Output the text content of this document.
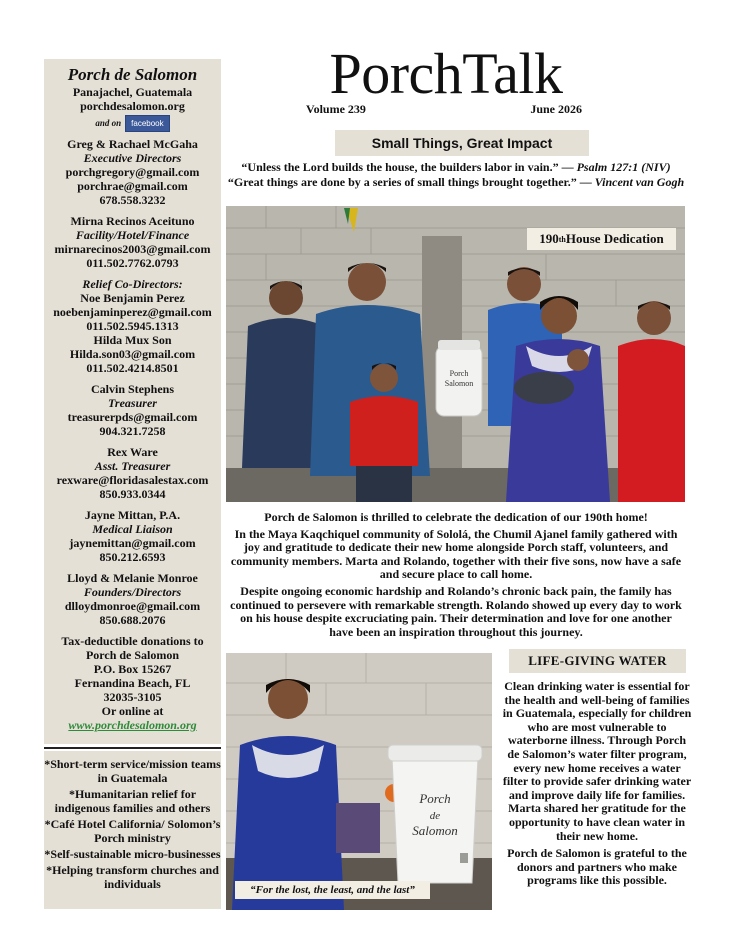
Porch de Salomon
Panajachel, Guatemala
porchdesalomon.org
and on	facebook
Greg & Rachael McGaha
Executive Directors
porchgregory@gmail.com
porchrae@gmail.com
678.558.3232
Mirna Recinos Aceituno
Facility/Hotel/Finance
mirnarecinos2003@gmail.com
011.502.7762.0793
Relief Co-Directors:
Noe Benjamin Perez
noebenjaminperez@gmail.com
011.502.5945.1313
Hilda Mux Son
Hilda.son03@gmail.com
011.502.4214.8501
Calvin Stephens
Treasurer
treasurerpds@gmail.com
904.321.7258
Rex Ware
Asst. Treasurer
rexware@floridasalestax.com
850.933.0344
Jayne Mittan, P.A.
Medical Liaison
jaynemittan@gmail.com
850.212.6593
Lloyd & Melanie Monroe
Founders/Directors
dlloydmonroe@gmail.com
850.688.2076
Tax-deductible donations to
Porch de Salomon
P.O. Box 15267
Fernandina Beach, FL
32035-3105
Or online at
www.porchdesalomon.org
*Short-term service/mission teams in Guatemala
*Humanitarian relief for indigenous families and others
*Café Hotel California/ Solomon’s Porch ministry
*Self-sustainable micro-businesses
*Helping transform churches and individuals
PorchTalk
Volume 239	June 2026
Small Things, Great Impact
“Unless the Lord builds the house, the builders labor in vain.” — Psalm 127:1 (NIV)
“Great things are done by a series of small things brought together.” — Vincent van Gogh
Porch
Salomon
190 th House Dedication

Porch de Salomon is thrilled to celebrate the dedication of our 190th home!

In the Maya Kaqchiquel community of Sololá, the Chumil Ajanel family gathered with joy and gratitude to dedicate their new home alongside Porch staff, volunteers, and community members. Marta and Rolando, together with their five sons, now have a safe and secure place to call home.

Despite ongoing economic hardship and Rolando’s chronic back pain, the family has continued to persevere with remarkable strength. Rolando showed up every day to work on his house despite excruciating pain. Their determination and love for one another have been an inspiration throughout this journey.

Porch
de
Salomon
“For the lost, the least, and the last”
LIFE-GIVING WATER

Clean drinking water is essential for the health and well-being of families in Guatemala, especially for children who are most vulnerable to waterborne illness. Through Porch de Salomon’s water filter program, every new home receives a water filter to provide safer drinking water and improve daily life for families. Marta shared her gratitude for the opportunity to have clean water in their new home.

Porch de Salomon is grateful to the donors and partners who make programs like this possible.
